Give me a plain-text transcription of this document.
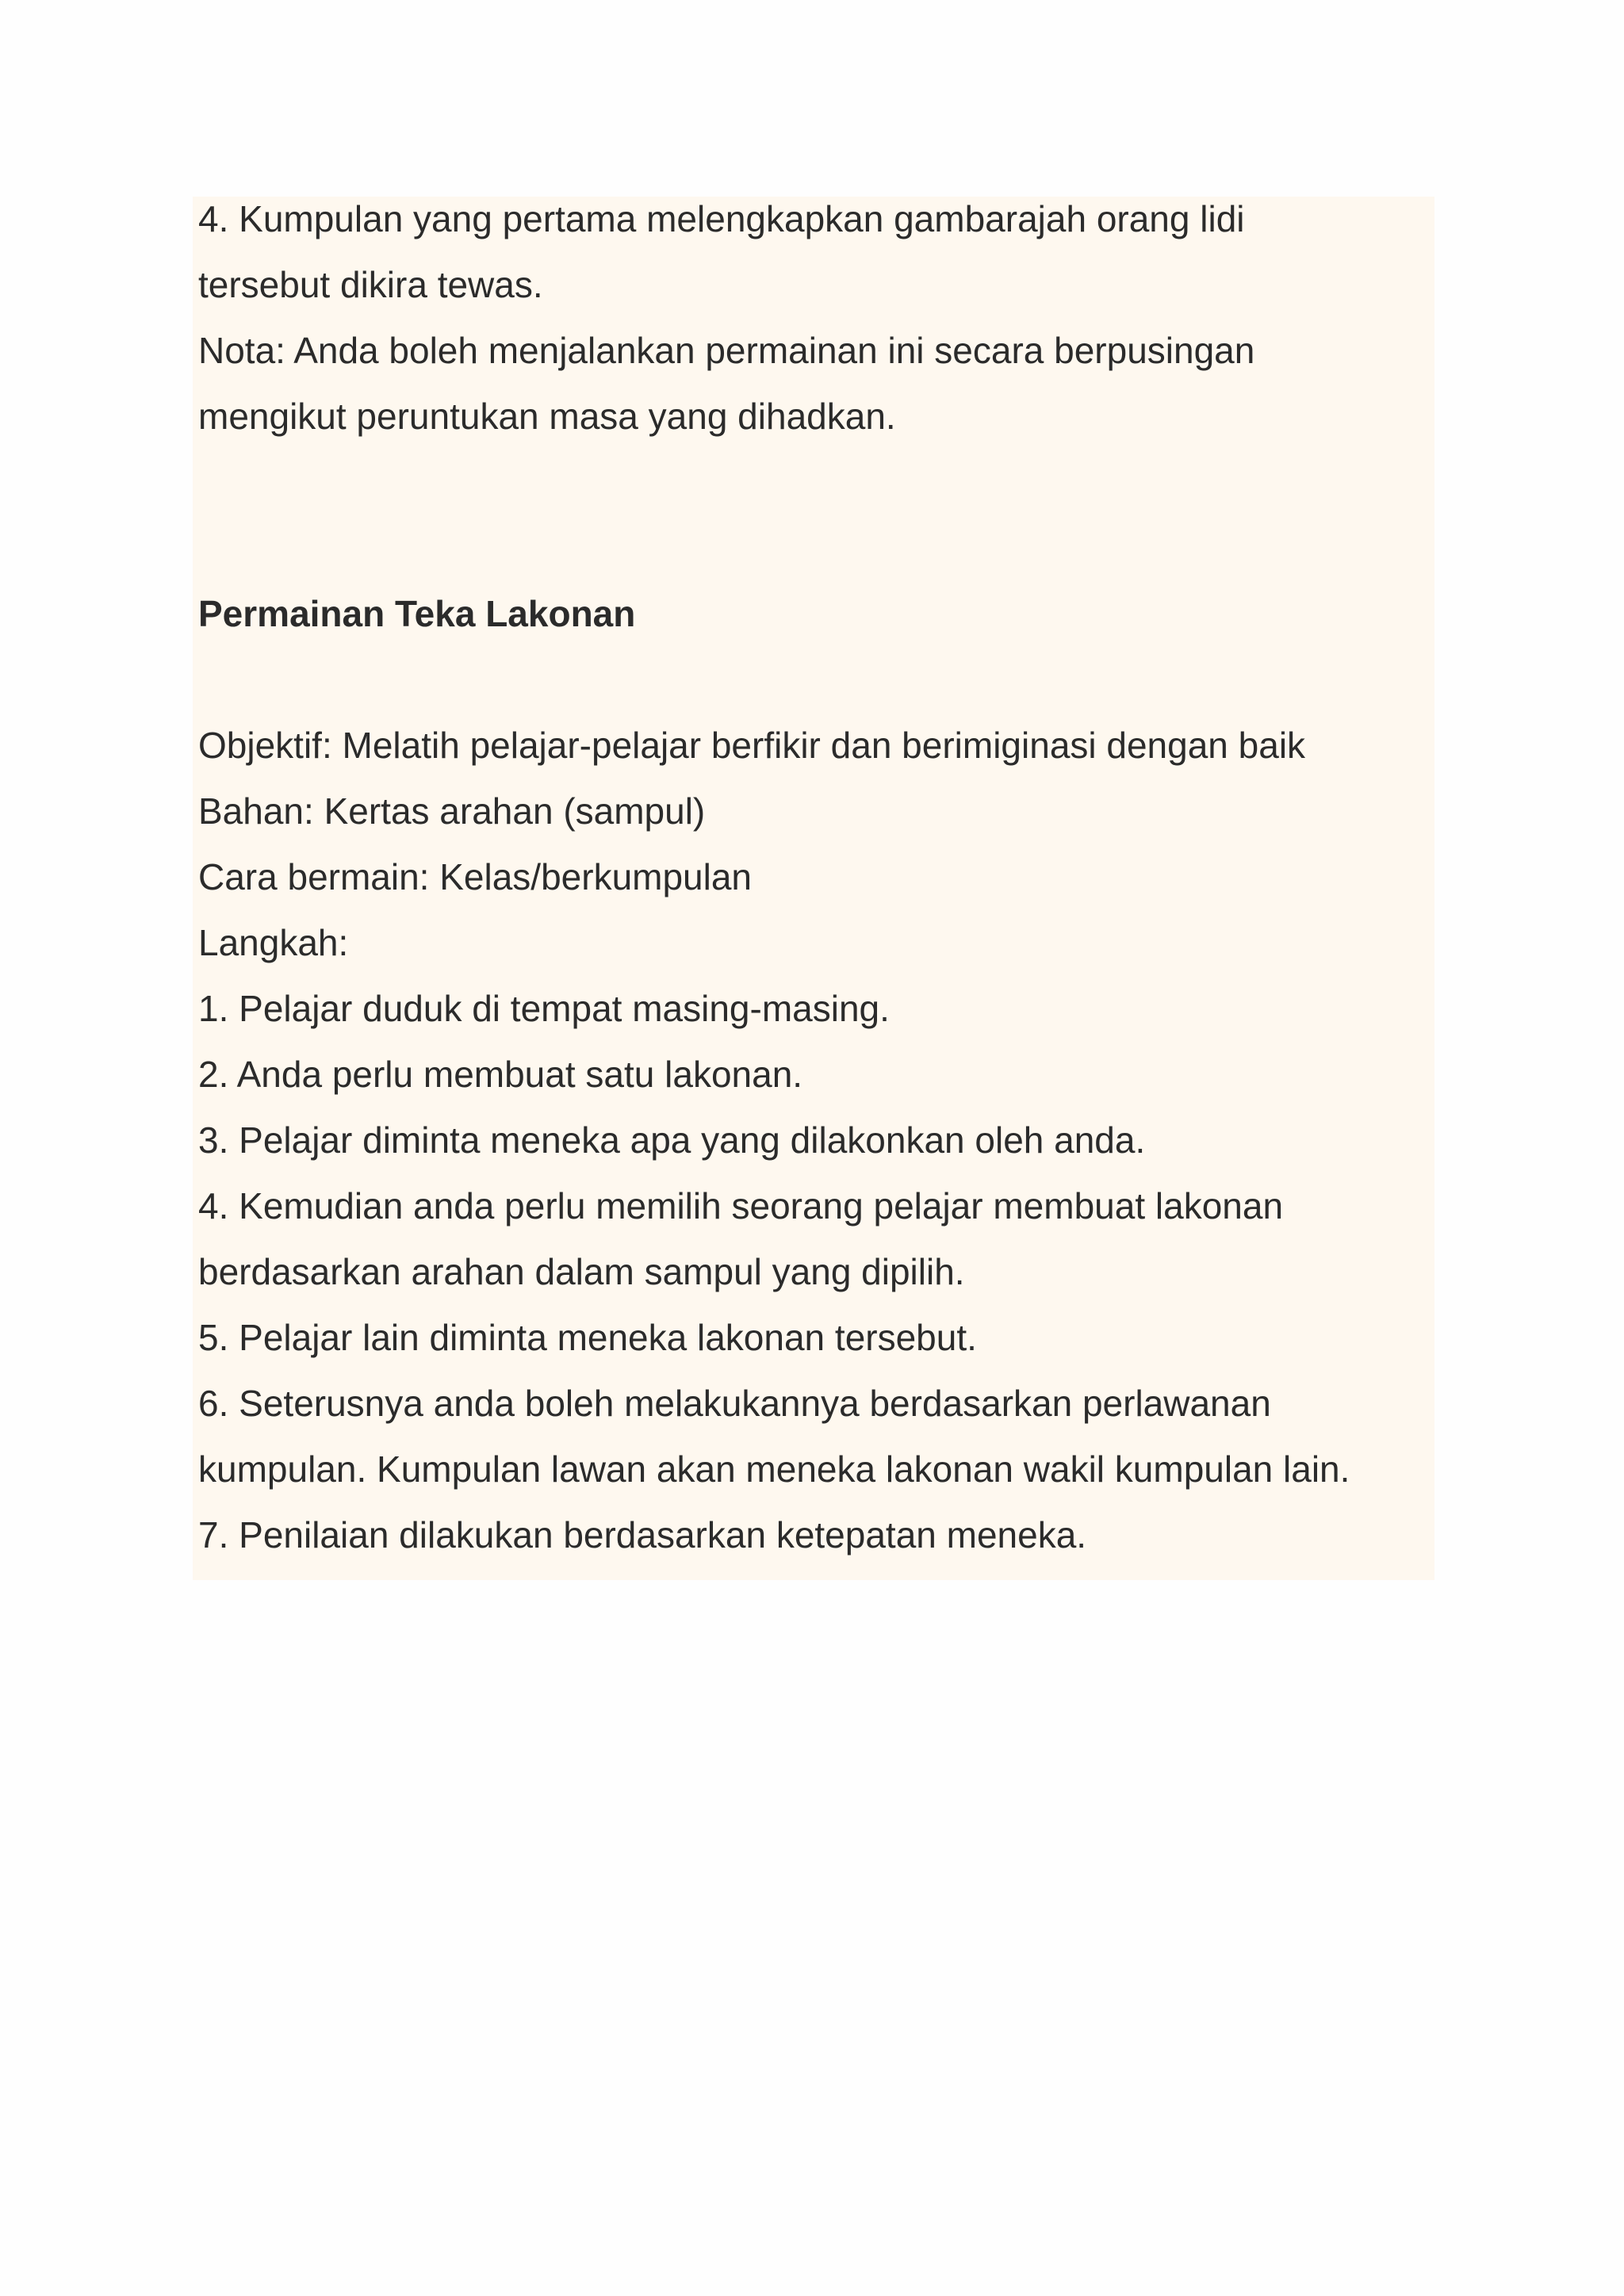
4. Kumpulan yang pertama melengkapkan gambarajah orang lidi

tersebut dikira tewas.

Nota: Anda boleh menjalankan permainan ini secara berpusingan

mengikut peruntukan masa yang dihadkan.

Permainan Teka Lakonan

Objektif: Melatih pelajar-pelajar berfikir dan berimiginasi dengan baik

Bahan: Kertas arahan (sampul)

Cara bermain: Kelas/berkumpulan

Langkah:

1. Pelajar duduk di tempat masing-masing.

2. Anda perlu membuat satu lakonan.

3. Pelajar diminta meneka apa yang dilakonkan oleh anda.

4. Kemudian anda perlu memilih seorang pelajar membuat lakonan

berdasarkan arahan dalam sampul yang dipilih.

5. Pelajar lain diminta meneka lakonan tersebut.

6. Seterusnya anda boleh melakukannya berdasarkan perlawanan

kumpulan. Kumpulan lawan akan meneka lakonan wakil kumpulan lain.

7. Penilaian dilakukan berdasarkan ketepatan meneka.
